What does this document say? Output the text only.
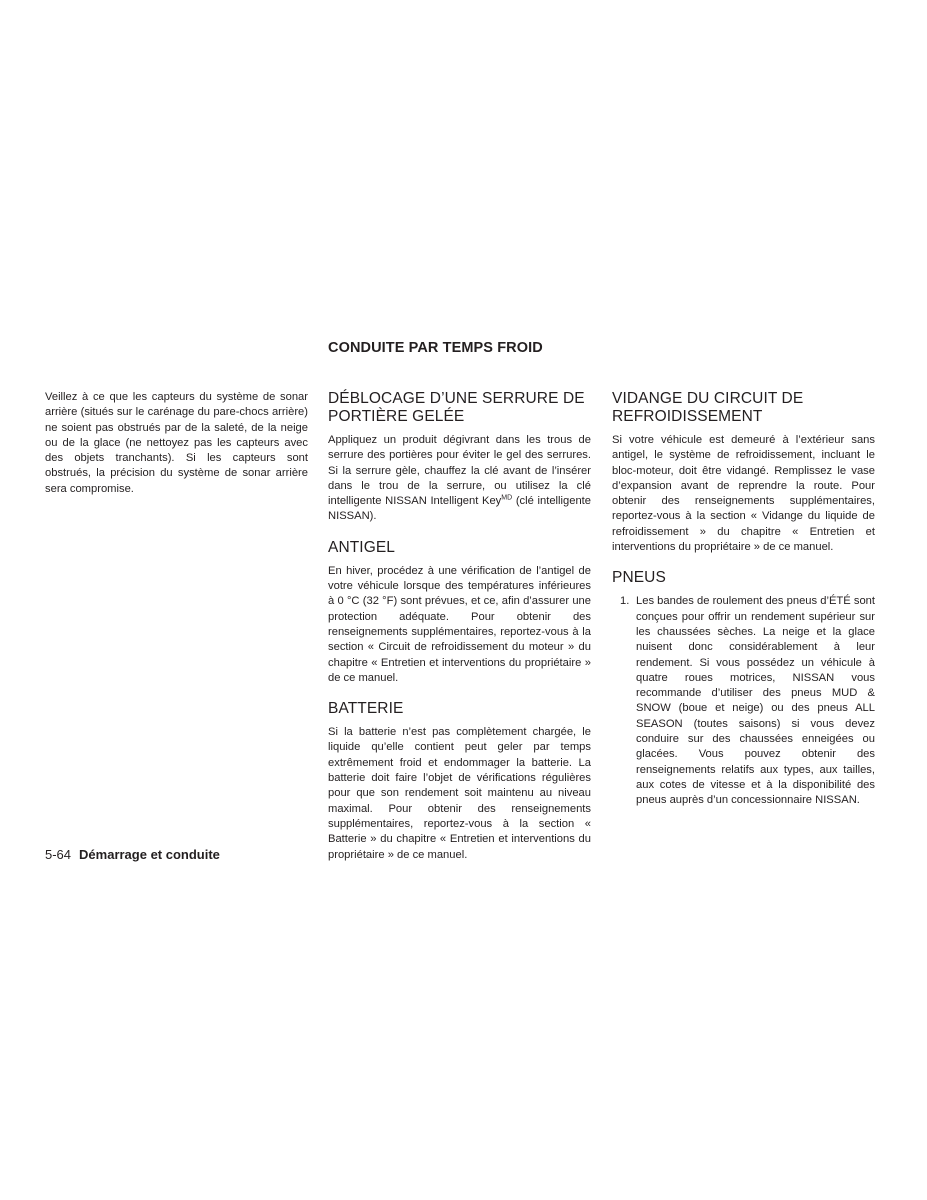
CONDUITE PAR TEMPS FROID

Veillez à ce que les capteurs du système de sonar arrière (situés sur le carénage du pare-chocs arrière) ne soient pas obstrués par de la saleté, de la neige ou de la glace (ne nettoyez pas les capteurs avec des objets tranchants). Si les capteurs sont obstrués, la précision du système de sonar arrière sera compromise.

DÉBLOCAGE D’UNE SERRURE DE PORTIÈRE GELÉE

Appliquez un produit dégivrant dans les trous de serrure des portières pour éviter le gel des serrures. Si la serrure gèle, chauffez la clé avant de l’insérer dans le trou de la serrure, ou utilisez la clé intelligente NISSAN Intelligent Key$^{MD}$ (clé intelligente NISSAN).

ANTIGEL

En hiver, procédez à une vérification de l’antigel de votre véhicule lorsque des températures inférieures à 0 °C (32 °F) sont prévues, et ce, afin d’assurer une protection adéquate. Pour obtenir des renseignements supplémentaires, reportez-vous à la section « Circuit de refroidissement du moteur » du chapitre « Entretien et interventions du propriétaire » de ce manuel.

BATTERIE

Si la batterie n’est pas complètement chargée, le liquide qu’elle contient peut geler par temps extrêmement froid et endommager la batterie. La batterie doit faire l’objet de vérifications régulières pour que son rendement soit maintenu au niveau maximal. Pour obtenir des renseignements supplémentaires, reportez-vous à la section « Batterie » du chapitre « Entretien et interventions du propriétaire » de ce manuel.

VIDANGE DU CIRCUIT DE REFROIDISSEMENT

Si votre véhicule est demeuré à l’extérieur sans antigel, le système de refroidissement, incluant le bloc-moteur, doit être vidangé. Remplissez le vase d’expansion avant de reprendre la route. Pour obtenir des renseignements supplémentaires, reportez-vous à la section « Vidange du liquide de refroidissement » du chapitre « Entretien et interventions du propriétaire » de ce manuel.

PNEUS
1. Les bandes de roulement des pneus d’ÉTÉ sont conçues pour offrir un rendement supérieur sur les chaussées sèches. La neige et la glace nuisent donc considérablement à leur rendement. Si vous possédez un véhicule à quatre roues motrices, NISSAN vous recommande d’utiliser des pneus MUD & SNOW (boue et neige) ou des pneus ALL SEASON (toutes saisons) si vous devez conduire sur des chaussées enneigées ou glacées. Vous pouvez obtenir des renseignements relatifs aux types, aux tailles, aux cotes de vitesse et à la disponibilité des pneus auprès d’un concessionnaire NISSAN.
5-64 Démarrage et conduite
